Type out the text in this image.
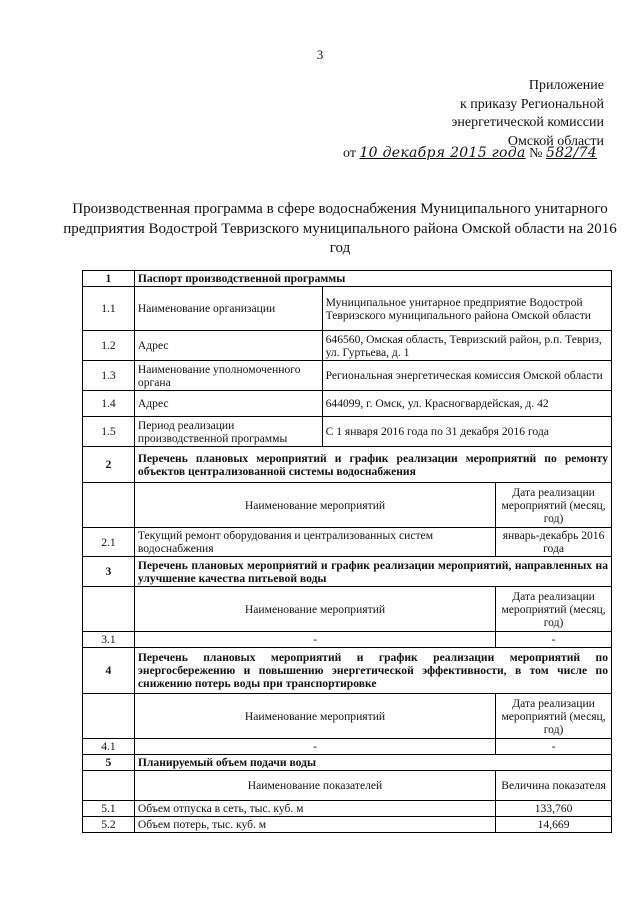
3
Приложение
к приказу Региональной
энергетической комиссии
Омской области
от 10 декабря 2015 года № 582/74
Производственная программа в сфере водоснабжения Муниципального унитарного предприятия Водострой Тевризского муниципального района Омской области на 2016 год
1	Паспорт производственной программы		
1.1	Наименование организации	Муниципальное унитарное предприятие Водострой Тевризского муниципального района Омской области	
1.2	Адрес	646560, Омская область, Тевризский район, р.п. Тевриз, ул. Гуртьева, д. 1	
1.3	Наименование уполномоченного органа	Региональная энергетическая комиссия Омской области	
1.4	Адрес	644099, г. Омск, ул. Красногвардейская, д. 42	
1.5	Период реализации производственной программы	С 1 января 2016 года по 31 декабря 2016 года	
2	Перечень плановых мероприятий и график реализации мероприятий по ремонту объектов централизованной системы водоснабжения		
	Наименование мероприятий		Дата реализации мероприятий (месяц, год)
2.1	Текущий ремонт оборудования и централизованных систем водоснабжения		январь-декабрь 2016 года
3	Перечень плановых мероприятий и график реализации мероприятий, направленных на улучшение качества питьевой воды		
	Наименование мероприятий		Дата реализации мероприятий (месяц, год)
3.1	-		-
4	Перечень плановых мероприятий и график реализации мероприятий по энергосбережению и повышению энергетической эффективности, в том числе по снижению потерь воды при транспортировке		
	Наименование мероприятий		Дата реализации мероприятий (месяц, год)
4.1	-		-
5	Планируемый объем подачи воды		
	Наименование показателей		Величина показателя
5.1	Объем отпуска в сеть, тыс. куб. м		133,760
5.2	Объем потерь, тыс. куб. м		14,669
